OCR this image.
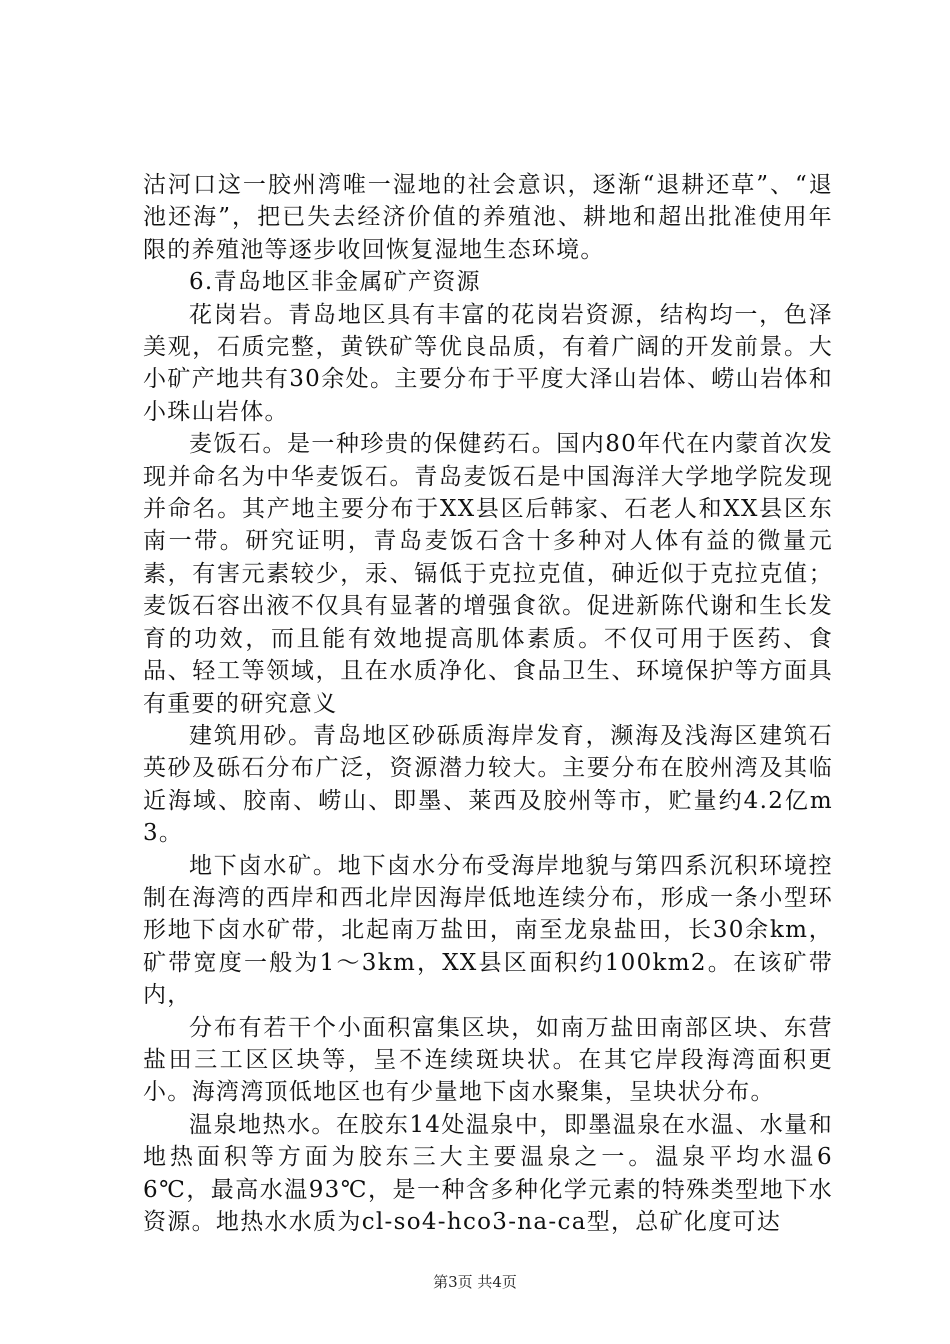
沽河口这一胶州湾唯一湿地的社会意识，逐渐“退耕还草”、“退池还海”，把已失去经济价值的养殖池、耕地和超出批准使用年限的养殖池等逐步收回恢复湿地生态环境。

6.青岛地区非金属矿产资源

花岗岩。青岛地区具有丰富的花岗岩资源，结构均一，色泽美观，石质完整，黄铁矿等优良品质，有着广阔的开发前景。大小矿产地共有30余处。主要分布于平度大泽山岩体、崂山岩体和小珠山岩体。

麦饭石。是一种珍贵的保健药石。国内80年代在内蒙首次发现并命名为中华麦饭石。青岛麦饭石是中国海洋大学地学院发现并命名。其产地主要分布于XX县区后韩家、石老人和XX县区东南一带。研究证明，青岛麦饭石含十多种对人体有益的微量元素，有害元素较少，汞、镉低于克拉克值，砷近似于克拉克值；麦饭石容出液不仅具有显著的增强食欲。促进新陈代谢和生长发育的功效，而且能有效地提高肌体素质。不仅可用于医药、食品、轻工等领域，且在水质净化、食品卫生、环境保护等方面具有重要的研究意义

建筑用砂。青岛地区砂砾质海岸发育，濒海及浅海区建筑石英砂及砾石分布广泛，资源潜力较大。主要分布在胶州湾及其临近海域、胶南、崂山、即墨、莱西及胶州等市，贮量约4.2亿m3。

地下卤水矿。地下卤水分布受海岸地貌与第四系沉积环境控制在海湾的西岸和西北岸因海岸低地连续分布，形成一条小型环形地下卤水矿带，北起南万盐田，南至龙泉盐田，长30余km，矿带宽度一般为1～3km，XX县区面积约100km2。在该矿带内，

分布有若干个小面积富集区块，如南万盐田南部区块、东营盐田三工区区块等，呈不连续斑块状。在其它岸段海湾面积更小。海湾湾顶低地区也有少量地下卤水聚集，呈块状分布。

温泉地热水。在胶东14处温泉中，即墨温泉在水温、水量和地热面积等方面为胶东三大主要温泉之一。温泉平均水温66℃，最高水温93℃，是一种含多种化学元素的特殊类型地下水资源。地热水水质为cl-so4-hco3-na-ca型，总矿化度可达

第3页 共4页
